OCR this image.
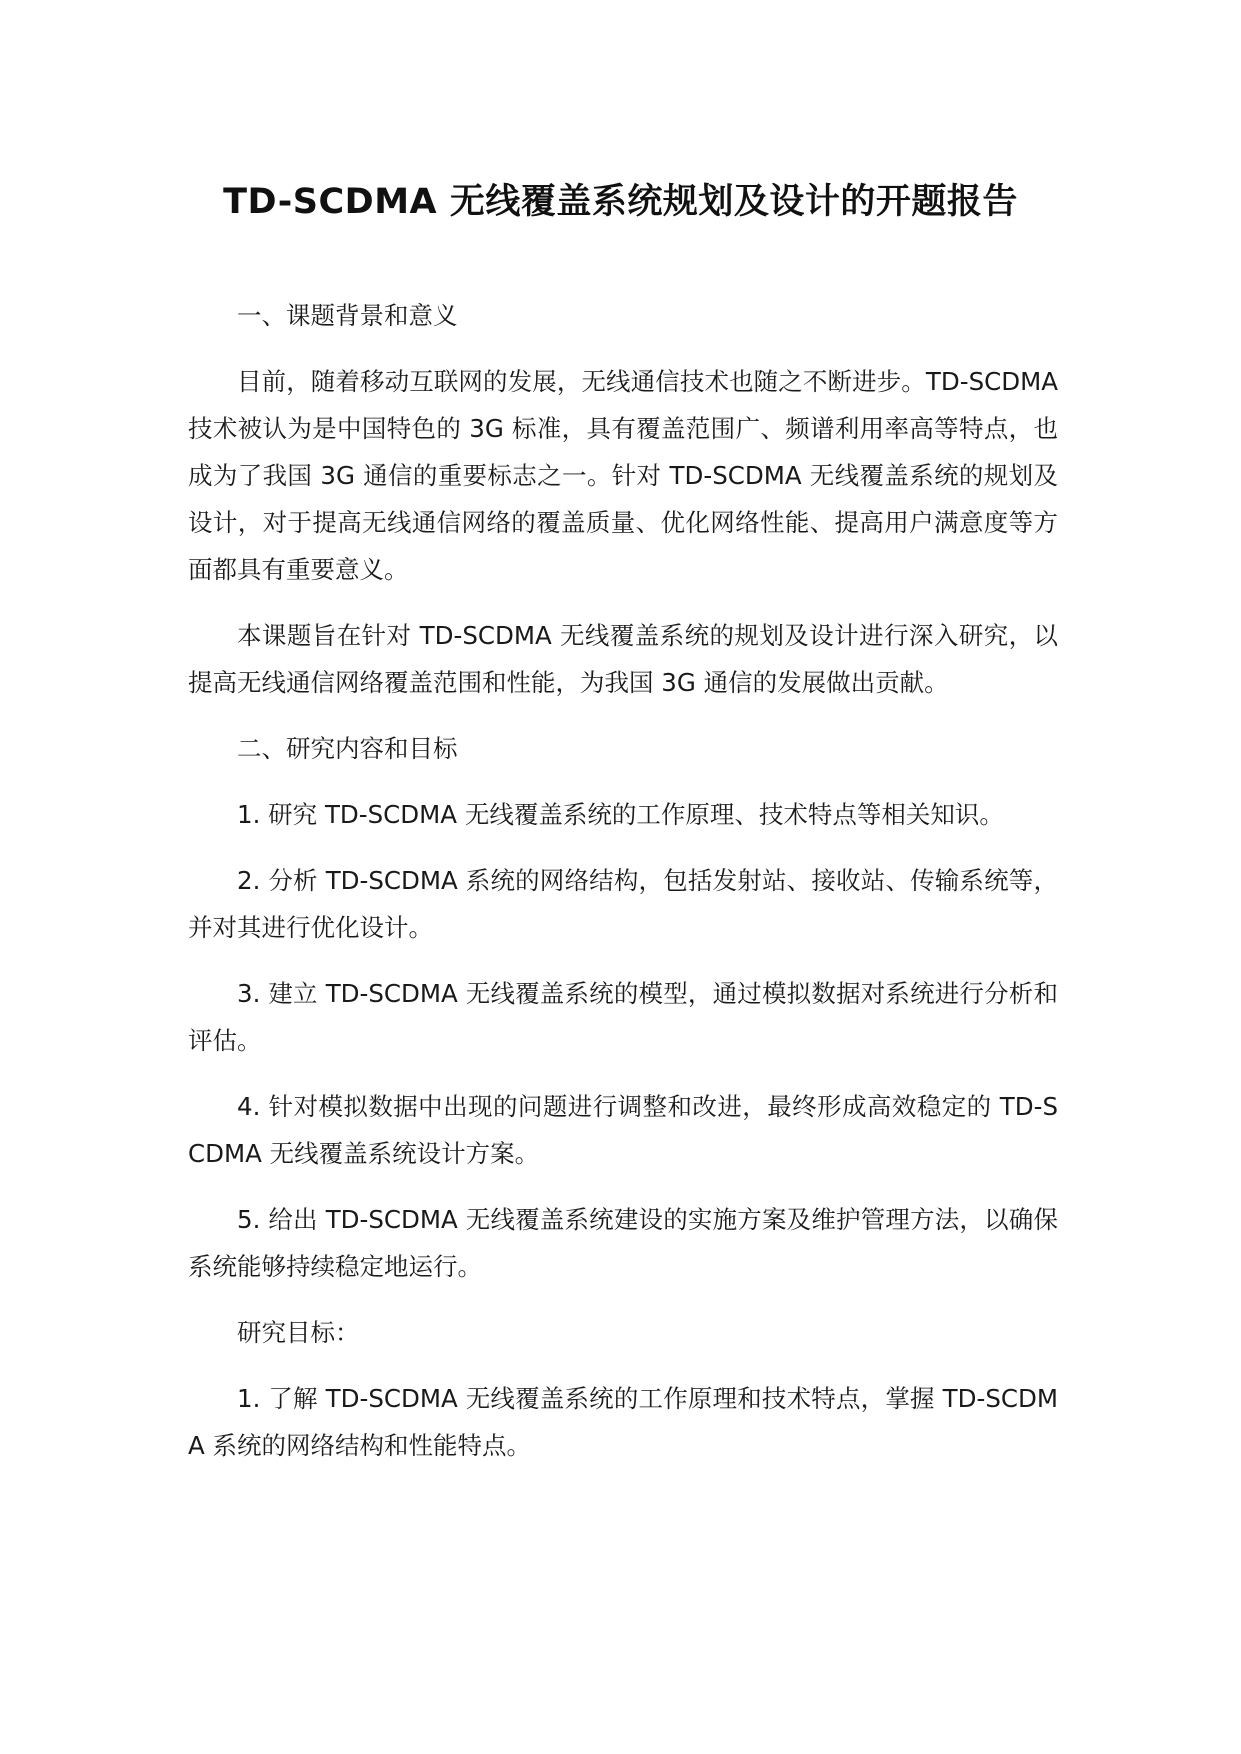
TD-SCDMA 无线覆盖系统规划及设计的开题报告

一、课题背景和意义

目前，随着移动互联网的发展，无线通信技术也随之不断进步。TD-SCDMA 技术被认为是中国特色的 3G 标准，具有覆盖范围广、频谱利用率高等特点，也成为了我国 3G 通信的重要标志之一。针对 TD-SCDMA 无线覆盖系统的规划及设计，对于提高无线通信网络的覆盖质量、优化网络性能、提高用户满意度等方面都具有重要意义。

本课题旨在针对 TD-SCDMA 无线覆盖系统的规划及设计进行深入研究，以提高无线通信网络覆盖范围和性能，为我国 3G 通信的发展做出贡献。

二、研究内容和目标

1. 研究 TD-SCDMA 无线覆盖系统的工作原理、技术特点等相关知识。

2. 分析 TD-SCDMA 系统的网络结构，包括发射站、接收站、传输系统等，并对其进行优化设计。

3. 建立 TD-SCDMA 无线覆盖系统的模型，通过模拟数据对系统进行分析和评估。

4. 针对模拟数据中出现的问题进行调整和改进，最终形成高效稳定的 TD-SCDMA 无线覆盖系统设计方案。

5. 给出 TD-SCDMA 无线覆盖系统建设的实施方案及维护管理方法，以确保系统能够持续稳定地运行。

研究目标：

1. 了解 TD-SCDMA 无线覆盖系统的工作原理和技术特点，掌握 TD-SCDMA 系统的网络结构和性能特点。
